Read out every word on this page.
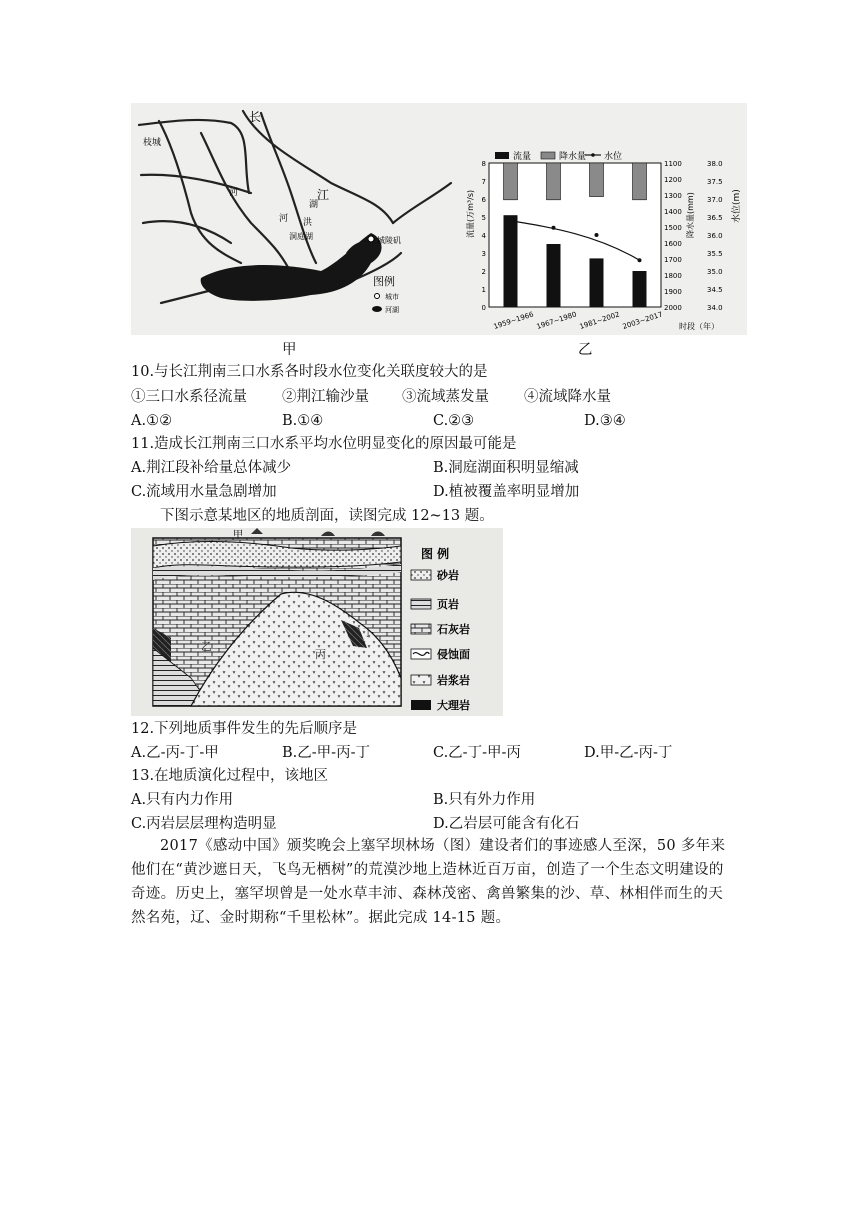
枝城
长
江
河
河
城陵矶
洞庭湖
洪
湖
图例
城市
河湖
流量	降水量 水位
流量(万m³/s)	降水量(mm)	水位(m)
时段（年）
0
1
2
3
4
5
6
7
8	1100
1200
1300
1400
1500
1600
1700
1800
1900
2000
38.0
37.5
37.0
36.5
36.0
35.5
35.0
34.5
34.0
1959~1966 1967~1980 1981~2002 2003~2017
甲	乙
10.与长江荆南三口水系各时段水位变化关联度较大的是
①三口水系径流量 ②荆江输沙量 ③流域蒸发量 ④流域降水量
A.①②	B.①④	C.②③	D.③④
11.造成长江荆南三口水系平均水位明显变化的原因最可能是
A.荆江段补给量总体减少	B.洞庭湖面积明显缩减
C.流域用水量急剧增加	D.植被覆盖率明显增加
下图示意某地区的地质剖面，读图完成 12~13 题。
甲
乙
丙
丁
图 例
砂岩
页岩
石灰岩
侵蚀面
岩浆岩
大理岩
12.下列地质事件发生的先后顺序是
A.乙-丙-丁-甲	B.乙-甲-丙-丁	C.乙-丁-甲-丙	D.甲-乙-丙-丁
13.在地质演化过程中，该地区
A.只有内力作用	B.只有外力作用
C.丙岩层层理构造明显	D.乙岩层可能含有化石
2017《感动中国》颁奖晚会上塞罕坝林场（图）建设者们的事迹感人至深，50 多年来他们在“黄沙遮日天，飞鸟无栖树”的荒漠沙地上造林近百万亩，创造了一个生态文明建设的奇迹。历史上，塞罕坝曾是一处水草丰沛、森林茂密、禽兽繁集的沙、草、林相伴而生的天然名苑，辽、金时期称“千里松林”。据此完成 14-15 题。
